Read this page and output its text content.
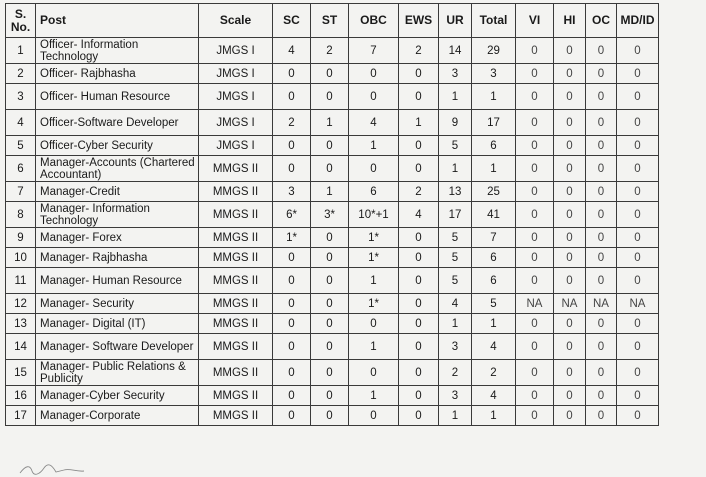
S. No.	Post	Scale	SC	ST	OBC	EWS	UR	Total	VI	HI	OC	MD/ID
1	Officer- Information Technology	JMGS I	4	2	7	2	14	29	0	0	0	0
2	Officer- Rajbhasha	JMGS I	0	0	0	0	3	3	0	0	0	0
3	Officer- Human Resource	JMGS I	0	0	0	0	1	1	0	0	0	0
4	Officer-Software Developer	JMGS I	2	1	4	1	9	17	0	0	0	0
5	Officer-Cyber Security	JMGS I	0	0	1	0	5	6	0	0	0	0
6	Manager-Accounts (Chartered Accountant)	MMGS II	0	0	0	0	1	1	0	0	0	0
7	Manager-Credit	MMGS II	3	1	6	2	13	25	0	0	0	0
8	Manager- Information Technology	MMGS II	6*	3*	10*+1	4	17	41	0	0	0	0
9	Manager- Forex	MMGS II	1*	0	1*	0	5	7	0	0	0	0
10	Manager- Rajbhasha	MMGS II	0	0	1*	0	5	6	0	0	0	0
11	Manager- Human Resource	MMGS II	0	0	1	0	5	6	0	0	0	0
12	Manager- Security	MMGS II	0	0	1*	0	4	5	NA	NA	NA	NA
13	Manager- Digital (IT)	MMGS II	0	0	0	0	1	1	0	0	0	0
14	Manager- Software Developer	MMGS II	0	0	1	0	3	4	0	0	0	0
15	Manager- Public Relations & Publicity	MMGS II	0	0	0	0	2	2	0	0	0	0
16	Manager-Cyber Security	MMGS II	0	0	1	0	3	4	0	0	0	0
17	Manager-Corporate	MMGS II	0	0	0	0	1	1	0	0	0	0
